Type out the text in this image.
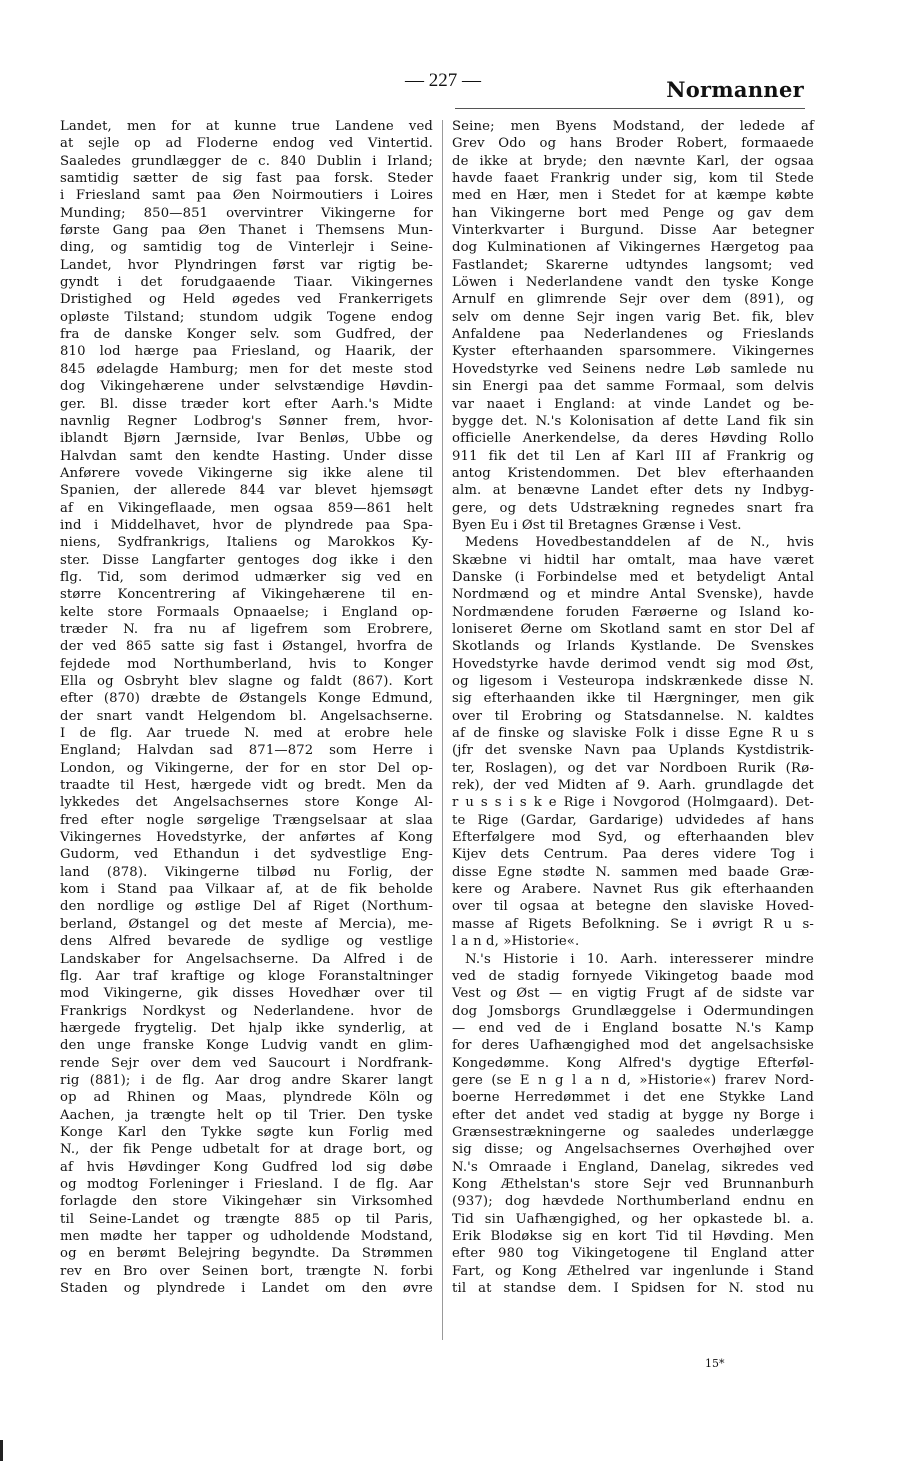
— 227 —	Normanner
Landet, men for at kunne true Landene ved
at sejle op ad Floderne endog ved Vintertid.
Saaledes grundlægger de c. 840 Dublin i Irland;
samtidig sætter de sig fast paa forsk. Steder
i Friesland samt paa Øen Noirmoutiers i Loires
Munding; 850—851 overvintrer Vikingerne for
første Gang paa Øen Thanet i Themsens Mun-
ding, og samtidig tog de Vinterlejr i Seine-
Landet, hvor Plyndringen først var rigtig be-
gyndt i det forudgaaende Tiaar. Vikingernes
Dristighed og Held øgedes ved Frankerrigets
opløste Tilstand; stundom udgik Togene endog
fra de danske Konger selv. som Gudfred, der
810 lod hærge paa Friesland, og Haarik, der
845 ødelagde Hamburg; men for det meste stod
dog Vikingehærene under selvstændige Høvdin-
ger. Bl. disse træder kort efter Aarh.'s Midte
navnlig Regner Lodbrog's Sønner frem, hvor-
iblandt Bjørn Jærnside, Ivar Benløs, Ubbe og
Halvdan samt den kendte Hasting. Under disse
Anførere vovede Vikingerne sig ikke alene til
Spanien, der allerede 844 var blevet hjemsøgt
af en Vikingeflaade, men ogsaa 859—861 helt
ind i Middelhavet, hvor de plyndrede paa Spa-
niens, Sydfrankrigs, Italiens og Marokkos Ky-
ster. Disse Langfarter gentoges dog ikke i den
flg. Tid, som derimod udmærker sig ved en
større Koncentrering af Vikingehærene til en-
kelte store Formaals Opnaaelse; i England op-
træder N. fra nu af ligefrem som Erobrere,
der ved 865 satte sig fast i Østangel, hvorfra de
fejdede mod Northumberland, hvis to Konger
Ella og Osbryht blev slagne og faldt (867). Kort
efter (870) dræbte de Østangels Konge Edmund,
der snart vandt Helgendom bl. Angelsachserne.
I de flg. Aar truede N. med at erobre hele
England; Halvdan sad 871—872 som Herre i
London, og Vikingerne, der for en stor Del op-
traadte til Hest, hærgede vidt og bredt. Men da
lykkedes det Angelsachsernes store Konge Al-
fred efter nogle sørgelige Trængselsaar at slaa
Vikingernes Hovedstyrke, der anførtes af Kong
Gudorm, ved Ethandun i det sydvestlige Eng-
land (878). Vikingerne tilbød nu Forlig, der
kom i Stand paa Vilkaar af, at de fik beholde
den nordlige og østlige Del af Riget (Northum-
berland, Østangel og det meste af Mercia), me-
dens Alfred bevarede de sydlige og vestlige
Landskaber for Angelsachserne. Da Alfred i de
flg. Aar traf kraftige og kloge Foranstaltninger
mod Vikingerne, gik disses Hovedhær over til
Frankrigs Nordkyst og Nederlandene. hvor de
hærgede frygtelig. Det hjalp ikke synderlig, at
den unge franske Konge Ludvig vandt en glim-
rende Sejr over dem ved Saucourt i Nordfrank-
rig (881); i de flg. Aar drog andre Skarer langt
op ad Rhinen og Maas, plyndrede Köln og
Aachen, ja trængte helt op til Trier. Den tyske
Konge Karl den Tykke søgte kun Forlig med
N., der fik Penge udbetalt for at drage bort, og
af hvis Høvdinger Kong Gudfred lod sig døbe
og modtog Forleninger i Friesland. I de flg. Aar
forlagde den store Vikingehær sin Virksomhed
til Seine-Landet og trængte 885 op til Paris,
men mødte her tapper og udholdende Modstand,
og en berømt Belejring begyndte. Da Strømmen
rev en Bro over Seinen bort, trængte N. forbi
Staden og plyndrede i Landet om den øvre
Seine; men Byens Modstand, der ledede af
Grev Odo og hans Broder Robert, formaaede
de ikke at bryde; den nævnte Karl, der ogsaa
havde faaet Frankrig under sig, kom til Stede
med en Hær, men i Stedet for at kæmpe købte
han Vikingerne bort med Penge og gav dem
Vinterkvarter i Burgund. Disse Aar betegner
dog Kulminationen af Vikingernes Hærgetog paa
Fastlandet; Skarerne udtyndes langsomt; ved
Löwen i Nederlandene vandt den tyske Konge
Arnulf en glimrende Sejr over dem (891), og
selv om denne Sejr ingen varig Bet. fik, blev
Anfaldene paa Nederlandenes og Frieslands
Kyster efterhaanden sparsommere. Vikingernes
Hovedstyrke ved Seinens nedre Løb samlede nu
sin Energi paa det samme Formaal, som delvis
var naaet i England: at vinde Landet og be-
bygge det. N.'s Kolonisation af dette Land fik sin
officielle Anerkendelse, da deres Høvding Rollo
911 fik det til Len af Karl III af Frankrig og
antog Kristendommen. Det blev efterhaanden
alm. at benævne Landet efter dets ny Indbyg-
gere, og dets Udstrækning regnedes snart fra
Byen Eu i Øst til Bretagnes Grænse i Vest.
Medens Hovedbestanddelen af de N., hvis
Skæbne vi hidtil har omtalt, maa have været
Danske (i Forbindelse med et betydeligt Antal
Nordmænd og et mindre Antal Svenske), havde
Nordmændene foruden Færøerne og Island ko-
loniseret Øerne om Skotland samt en stor Del af
Skotlands og Irlands Kystlande. De Svenskes
Hovedstyrke havde derimod vendt sig mod Øst,
og ligesom i Vesteuropa indskrænkede disse N.
sig efterhaanden ikke til Hærgninger, men gik
over til Erobring og Statsdannelse. N. kaldtes
af de finske og slaviske Folk i disse Egne R u s
(jfr det svenske Navn paa Uplands Kystdistrik-
ter, Roslagen), og det var Nordboen Rurik (Rø-
rek), der ved Midten af 9. Aarh. grundlagde det
r u s s i s k e Rige i Novgorod (Holmgaard). Det-
te Rige (Gardar, Gardarige) udvidedes af hans
Efterfølgere mod Syd, og efterhaanden blev
Kijev dets Centrum. Paa deres videre Tog i
disse Egne stødte N. sammen med baade Græ-
kere og Arabere. Navnet Rus gik efterhaanden
over til ogsaa at betegne den slaviske Hoved-
masse af Rigets Befolkning. Se i øvrigt R u s-
l a n d, »Historie«.
N.'s Historie i 10. Aarh. interesserer mindre
ved de stadig fornyede Vikingetog baade mod
Vest og Øst — en vigtig Frugt af de sidste var
dog Jomsborgs Grundlæggelse i Odermundingen
— end ved de i England bosatte N.'s Kamp
for deres Uafhængighed mod det angelsachsiske
Kongedømme. Kong Alfred's dygtige Efterføl-
gere (se E n g l a n d, »Historie«) frarev Nord-
boerne Herredømmet i det ene Stykke Land
efter det andet ved stadig at bygge ny Borge i
Grænsestrækningerne og saaledes underlægge
sig disse; og Angelsachsernes Overhøjhed over
N.'s Omraade i England, Danelag, sikredes ved
Kong Æthelstan's store Sejr ved Brunnanburh
(937); dog hævdede Northumberland endnu en
Tid sin Uafhængighed, og her opkastede bl. a.
Erik Blodøkse sig en kort Tid til Høvding. Men
efter 980 tog Vikingetogene til England atter
Fart, og Kong Æthelred var ingenlunde i Stand
til at standse dem. I Spidsen for N. stod nu
15*
